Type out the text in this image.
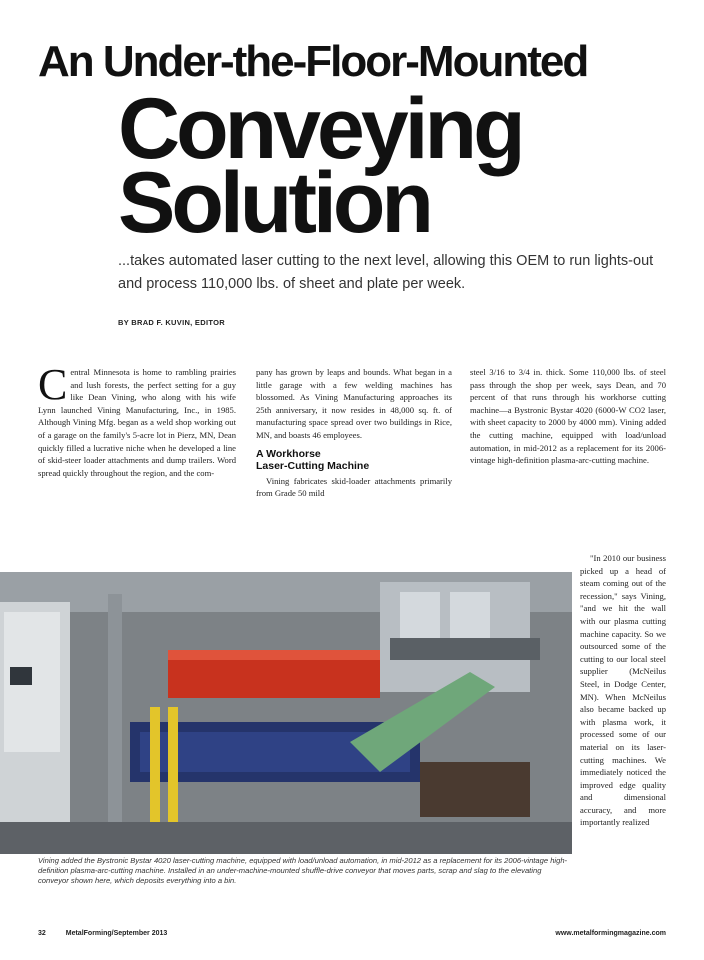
An Under-the-Floor-Mounted
Conveying
Solution
...takes automated laser cutting to the next level, allowing this OEM to run lights-out and process 110,000 lbs. of sheet and plate per week.
BY BRAD F. KUVIN, EDITOR
C entral Minnesota is home to rambling prairies and lush forests, the perfect setting for a guy like Dean Vining, who along with his wife Lynn launched Vining Manufacturing, Inc., in 1985. Although Vining Mfg. began as a weld shop working out of a garage on the family's 5-acre lot in Pierz, MN, Dean quickly filled a lucrative niche when he developed a line of skid-steer loader attachments and dump trailers. Word spread quickly throughout the region, and the com-

pany has grown by leaps and bounds. What began in a little garage with a few welding machines has blossomed. As Vining Manufacturing approaches its 25th anniversary, it now resides in 48,000 sq. ft. of manufacturing space spread over two buildings in Rice, MN, and boasts 46 employees.

A Workhorse
Laser-Cutting Machine

Vining fabricates skid-loader attachments primarily from Grade 50 mild

steel 3/16 to 3/4 in. thick. Some 110,000 lbs. of steel pass through the shop per week, says Dean, and 70 percent of that runs through his workhorse cutting machine—a Bystronic Bystar 4020 (6000-W CO2 laser, with sheet capacity to 2000 by 4000 mm). Vining added the cutting machine, equipped with load/unload automation, in mid-2012 as a replacement for its 2006-vintage high-definition plasma-arc-cutting machine.

"In 2010 our business picked up a head of steam coming out of the recession," says Vining, "and we hit the wall with our plasma cutting machine capacity. So we outsourced some of the cutting to our local steel supplier (McNeilus Steel, in Dodge Center, MN). When McNeilus also became backed up with plasma work, it processed some of our material on its laser-cutting machines. We immediately noticed the improved edge quality and dimensional accuracy, and more importantly realized

Vining added the Bystronic Bystar 4020 laser-cutting machine, equipped with load/unload automation, in mid-2012 as a replacement for its 2006-vintage high-definition plasma-arc-cutting machine. Installed in an under-machine-mounted shuffle-drive conveyor that moves parts, scrap and slag to the elevating conveyor shown here, which deposits everything into a bin.
32	MetalForming/September 2013	www.metalformingmagazine.com
